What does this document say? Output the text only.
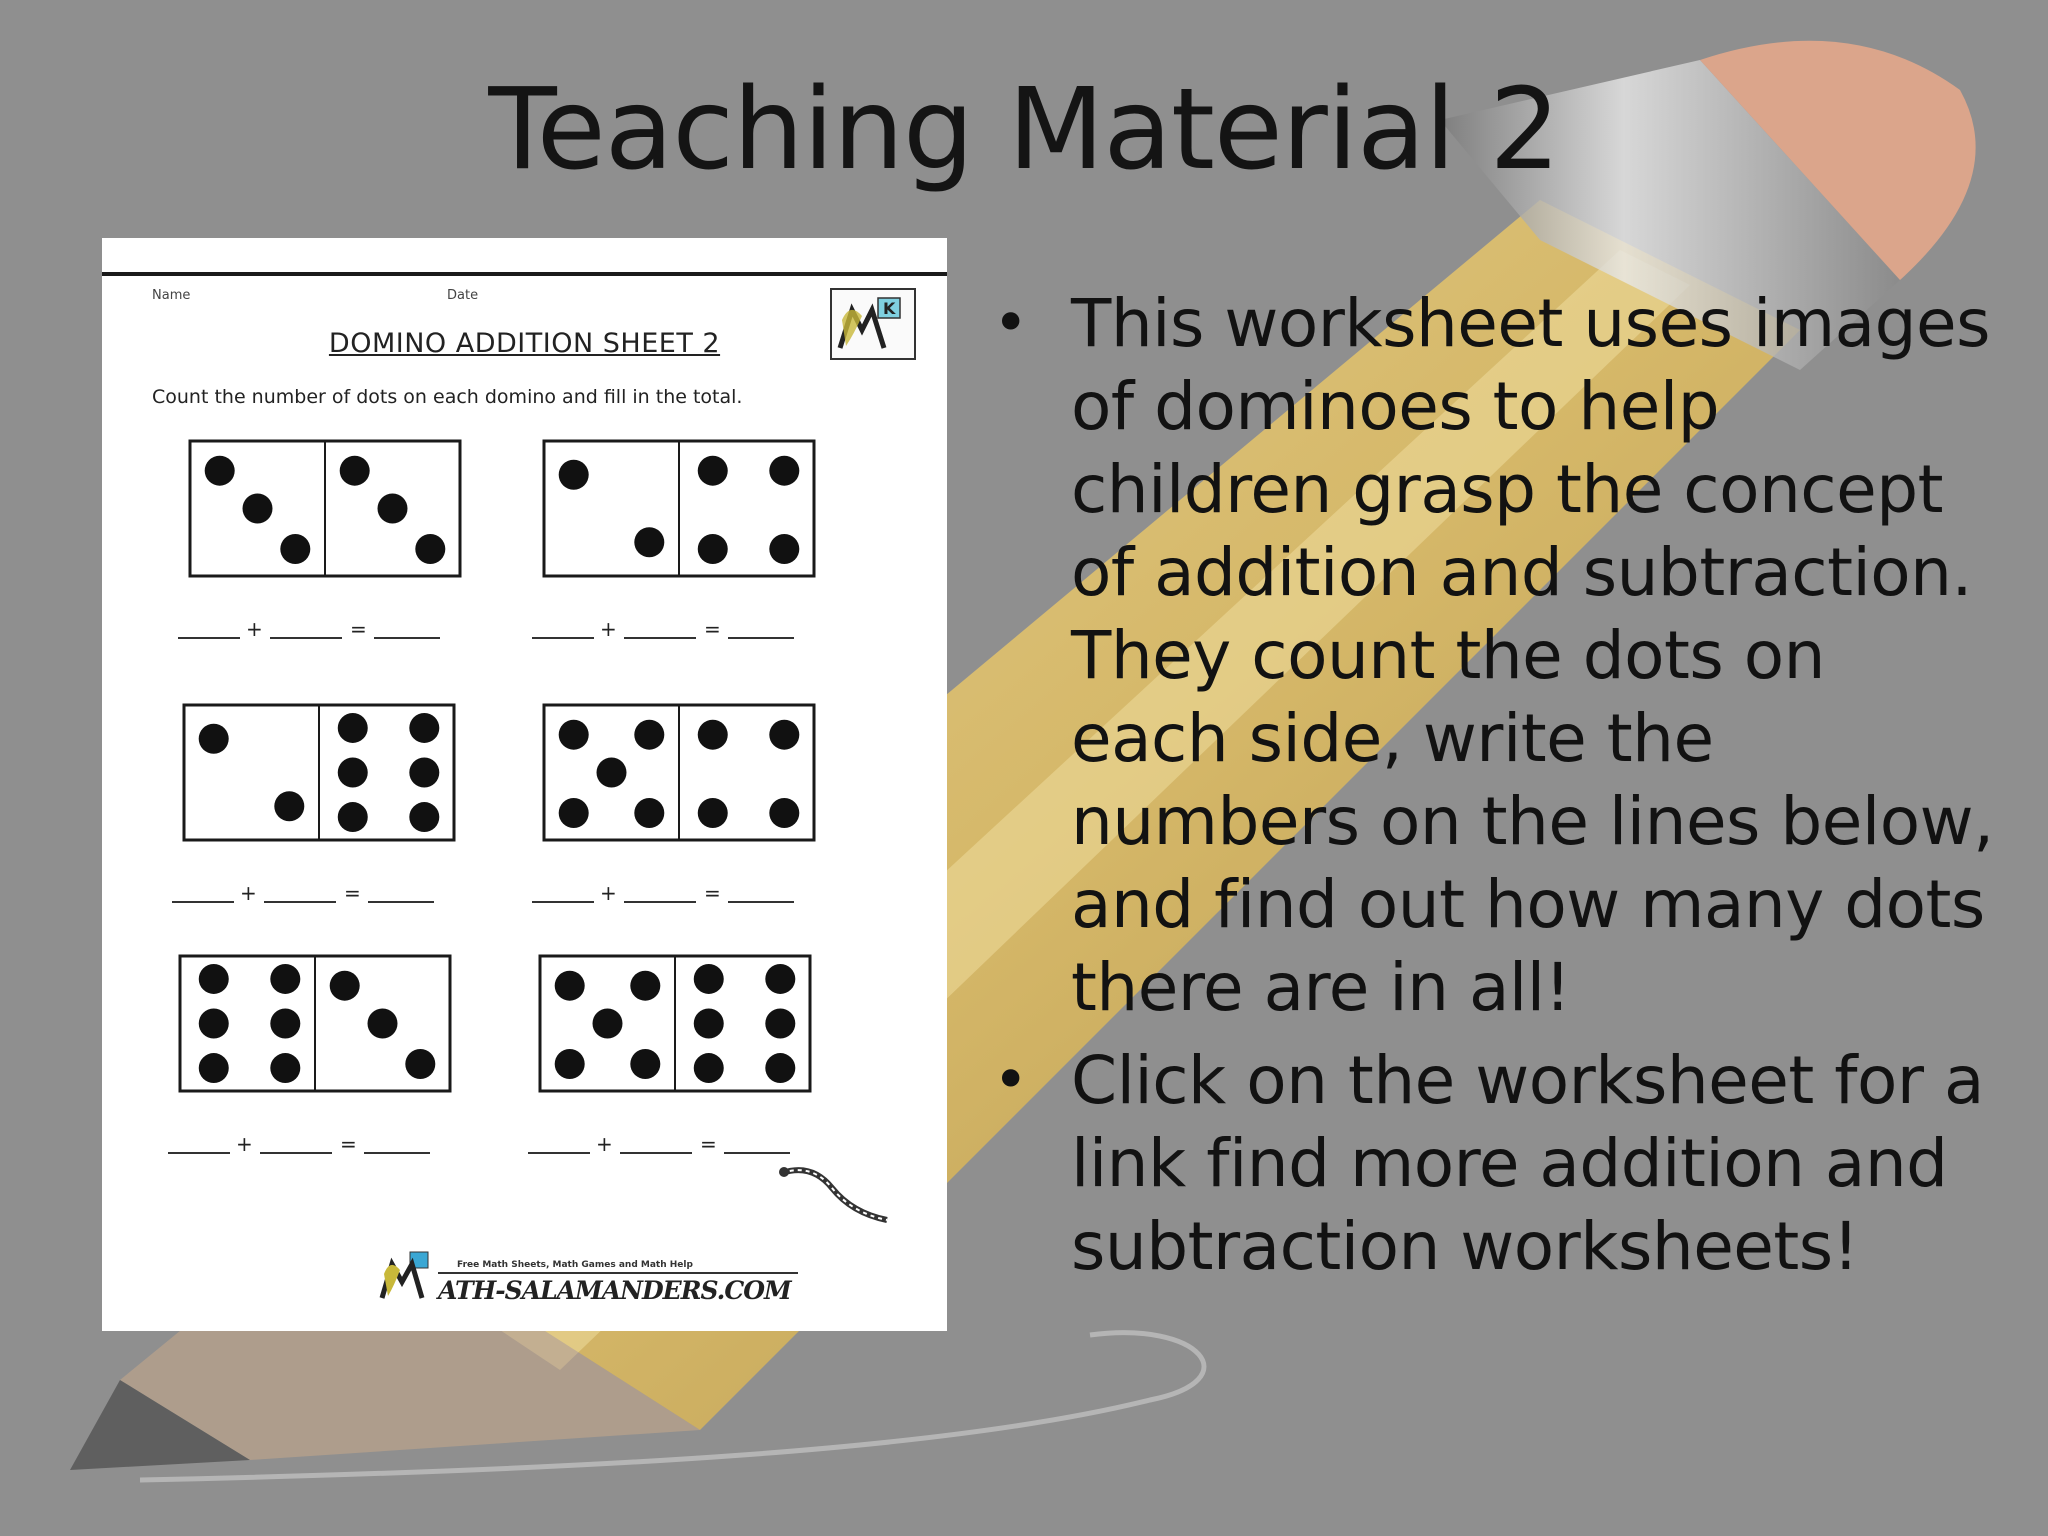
Teaching Material 2
• This worksheet uses images of dominoes to help children grasp the concept of addition and subtraction. They count the dots on each side, write the numbers on the lines below, and find out how many dots there are in all!
• Click on the worksheet for a link find more addition and subtraction worksheets!
Name	Date
K
DOMINO ADDITION SHEET 2
Count the number of dots on each domino and fill in the total.
+	=	+	=
+	=	+	=
+	=	+	=
Free Math Sheets, Math Games and Math Help
ATH-SALAMANDERS.COM
